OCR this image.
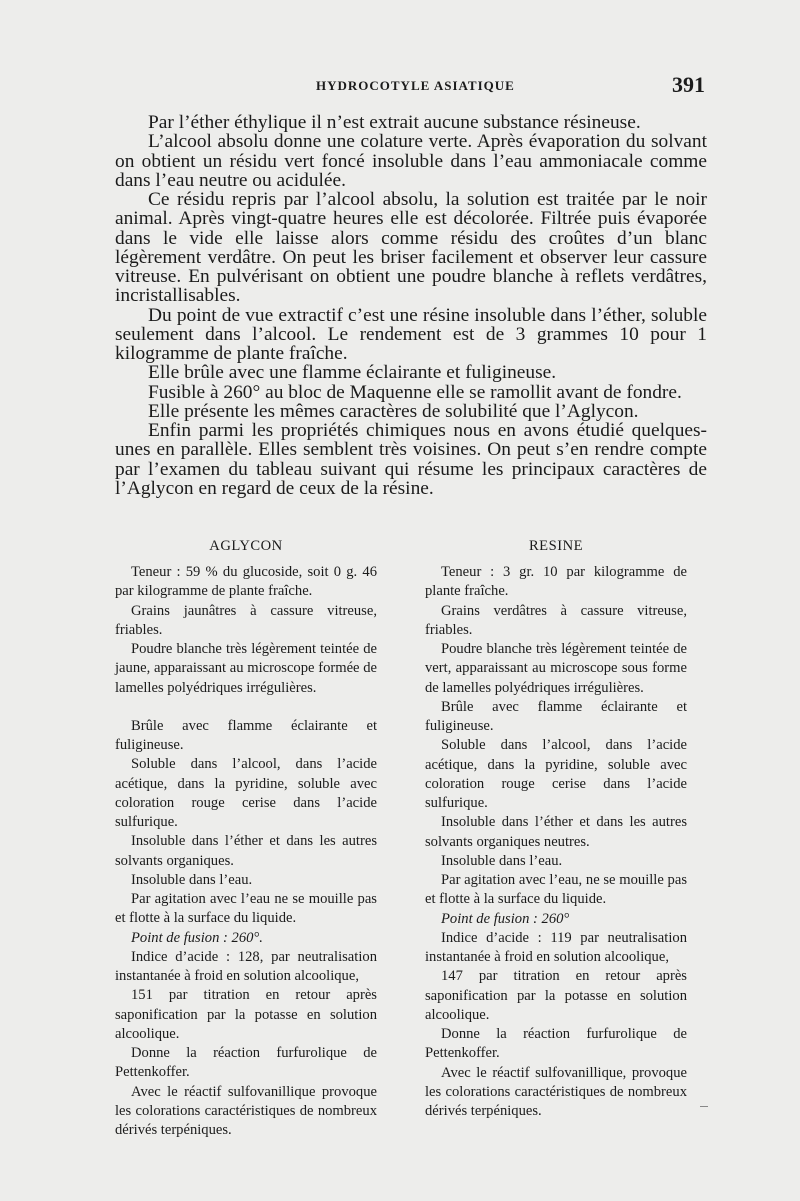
HYDROCOTYLE ASIATIQUE	391

Par l’éther éthylique il n’est extrait aucune substance résineuse.

L’alcool absolu donne une colature verte. Après évaporation du solvant on obtient un résidu vert foncé insoluble dans l’eau ammoniacale comme dans l’eau neutre ou acidulée.

Ce résidu repris par l’alcool absolu, la solution est traitée par le noir animal. Après vingt-quatre heures elle est décolorée. Filtrée puis évaporée dans le vide elle laisse alors comme résidu des croûtes d’un blanc légèrement verdâtre. On peut les briser facilement et observer leur cassure vitreuse. En pulvérisant on obtient une poudre blanche à reflets verdâtres, incristallisables.

Du point de vue extractif c’est une résine insoluble dans l’éther, soluble seulement dans l’alcool. Le rendement est de 3 grammes 10 pour 1 kilogramme de plante fraîche.

Elle brûle avec une flamme éclairante et fuligineuse.

Fusible à 260° au bloc de Maquenne elle se ramollit avant de fondre.

Elle présente les mêmes caractères de solubilité que l’Aglycon.

Enfin parmi les propriétés chimiques nous en avons étudié quelques-unes en parallèle. Elles semblent très voisines. On peut s’en rendre compte par l’examen du tableau suivant qui résume les principaux caractères de l’Aglycon en regard de ceux de la résine.

AGLYCON

Teneur : 59 % du glucoside, soit 0 g. 46 par kilogramme de plante fraîche.

Grains jaunâtres à cassure vitreuse, friables.

Poudre blanche très légèrement teintée de jaune, apparaissant au microscope formée de lamelles polyédriques irrégulières.

Brûle avec flamme éclairante et fuligineuse.

Soluble dans l’alcool, dans l’acide acétique, dans la pyridine, soluble avec coloration rouge cerise dans l’acide sulfurique.

Insoluble dans l’éther et dans les autres solvants organiques.

Insoluble dans l’eau.

Par agitation avec l’eau ne se mouille pas et flotte à la surface du liquide.

Point de fusion : 260°.

Indice d’acide : 128, par neutralisation instantanée à froid en solution alcoolique,

151 par titration en retour après saponification par la potasse en solution alcoolique.

Donne la réaction furfurolique de Pettenkoffer.

Avec le réactif sulfovanillique provoque les colorations caractéristiques de nombreux dérivés terpéniques.

RESINE

Teneur : 3 gr. 10 par kilogramme de plante fraîche.

Grains verdâtres à cassure vitreuse, friables.

Poudre blanche très légèrement teintée de vert, apparaissant au microscope sous forme de lamelles polyédriques irrégulières.

Brûle avec flamme éclairante et fuligineuse.

Soluble dans l’alcool, dans l’acide acétique, dans la pyridine, soluble avec coloration rouge cerise dans l’acide sulfurique.

Insoluble dans l’éther et dans les autres solvants organiques neutres.

Insoluble dans l’eau.

Par agitation avec l’eau, ne se mouille pas et flotte à la surface du liquide.

Point de fusion : 260°

Indice d’acide : 119 par neutralisation instantanée à froid en solution alcoolique,

147 par titration en retour après saponification par la potasse en solution alcoolique.

Donne la réaction furfurolique de Pettenkoffer.

Avec le réactif sulfovanillique, provoque les colorations caractéristiques de nombreux dérivés terpéniques.
